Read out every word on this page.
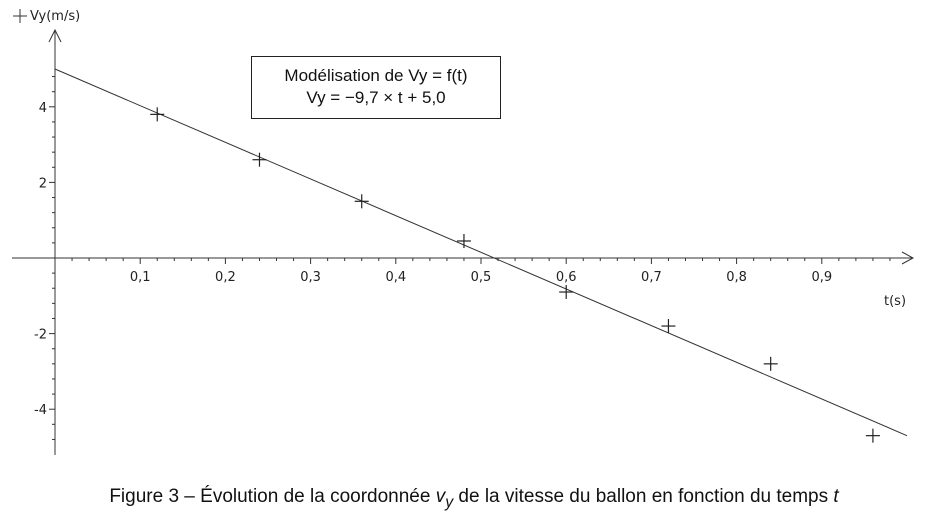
0,1	0,2	0,3	0,4	0,5	0,6	0,7	0,8	0,9
4
2
-2
-4
Vy(m/s)
t(s)
Modélisation de Vy = f(t)
Vy = −9,7 × t + 5,0
Figure 3 – Évolution de la coordonnée $v_y$ de la vitesse du ballon en fonction du temps t
